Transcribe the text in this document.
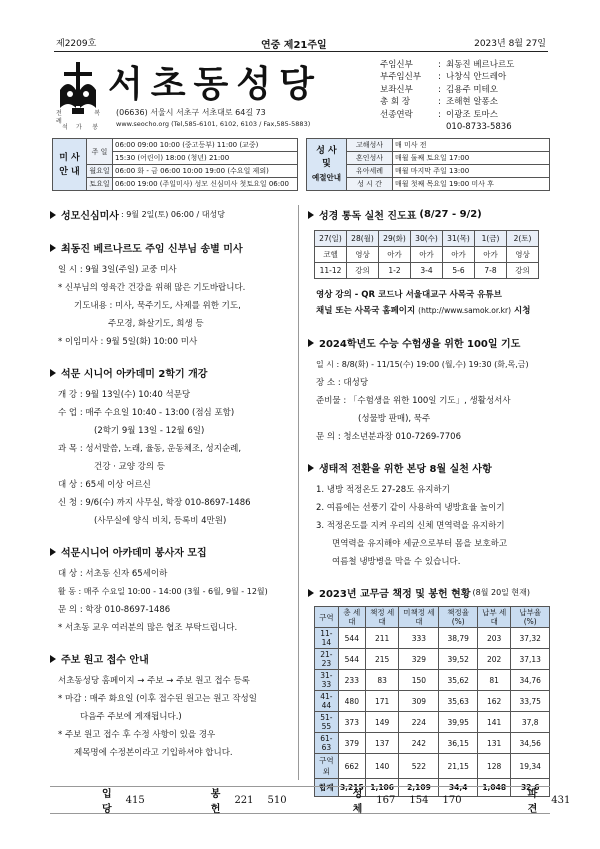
제2209호	연중 제21주일	2023년 8월 27일
전
례
석
복
봉
가
서초동성당
(06636) 서울시 서초구 서초대로 64길 73
www.seocho.org (Tel,585-6101, 6102, 6103 / Fax,585-5883)
주임신부	: 최동진 베르나르도
부주임신부	: 나창식 안드레아
보좌신부	: 김용주 미테오
총 회 장	: 조해현 알퐁소
선종연락	: 이광조 토마스
010-8733-5836
미 사
안 내	주 일	06:00 09:00 10:00 (중고등부) 11:00 (교중)
		15:30 (어린이) 18:00 (청년) 21:00
	월요일	06:00 화 - 금 06:00 10:00 19:00 (수요일 제외)
	토요일	06:00 19:00 (주일미사) 성모 신심미사 첫토요일 06:00
성 사
및
예절안내	고해성사	매 미사 전
	혼인성사	매월 둘째 토요일 17:00
	유아세례	매월 마지막 주일 13:00
	성 시 간	매월 첫째 목요일 19:00 미사 후
성모신심미사 : 9월 2일(토) 06:00 / 대성당
최동진 베르나르도 주임 신부님 송별 미사
일 시 : 9월 3일(주일) 교중 미사
* 신부님의 영육간 건강을 위해 많은 기도바랍니다.
기도내용 : 미사, 묵주기도, 사제를 위한 기도,
주모경, 화살기도, 희생 등
* 이임미사 : 9월 5일(화) 10:00 미사
석문 시니어 아카데미 2학기 개강
개 강 : 9월 13일(수) 10:40 석문당
수 업 : 매주 수요일 10:40 - 13:00 (점심 포함)
(2학기 9월 13일 - 12월 6일)
과 목 : 성서말씀, 노래, 율동, 운동체조, 성지순례,
건강 · 교양 강의 등
대 상 : 65세 이상 어르신
신 청 : 9/6(수) 까지 사무실, 학장 010-8697-1486
(사무실에 양식 비치, 등록비 4만원)
석문시니어 아카데미 봉사자 모집
대 상 : 서초동 신자 65세이하
활 동 : 매주 수요일 10:00 - 14:00 (3월 - 6월, 9월 - 12월)
문 의 : 학장 010-8697-1486
* 서초동 교우 여러분의 많은 협조 부탁드립니다.
주보 원고 접수 안내
서초동성당 홈페이지 → 주보 → 주보 원고 접수 등록
* 마감 : 매주 화요일 (이후 접수된 원고는 원고 작성일
다음주 주보에 게재됩니다.)
* 주보 원고 접수 후 수정 사항이 있을 경우
제목명에 수정본이라고 기입하셔야 합니다.
성경 통독 실천 진도표 (8/27 - 9/2)
27(일)	28(월)	29(화)	30(수)	31(목)	1(금)	2(토)
코헬	영상	아가	아가	아가	아가	영상
11-12	강의	1-2	3-4	5-6	7-8	강의
영상 강의 - QR 코드나 서울대교구 사목국 유튜브
채널 또는 사목국 홈페이지 (http://www.samok.or.kr) 시청
2024학년도 수능 수험생을 위한 100일 기도
일 시 : 8/8(화) - 11/15(수) 19:00 (월,수) 19:30 (화,목,금)
장 소 : 대성당
준비물 : 「수험생을 위한 100일 기도」, 생활성서사
(성물방 판매), 묵주
문 의 : 청소년분과장 010-7269-7706
생태적 전환을 위한 본당 8월 실천 사항
1. 냉방 적정온도 27-28도 유지하기
2. 여름에는 선풍기 같이 사용하여 냉방효율 높이기
3. 적정온도를 지켜 우리의 신체 면역력을 유지하기
면역력을 유지해야 세균으로부터 몸을 보호하고
여름철 냉방병을 막을 수 있습니다.
2023년 교무금 책정 및 봉헌 현황 (8월 20일 현재)
구역	총 세대	책정 세대	미책정 세대	책정율 (%)	납부 세대	납부율 (%)
11-14	544	211	333	38,79	203	37,32
21-23	544	215	329	39,52	202	37,13
31-33	233	83	150	35,62	81	34,76
41-44	480	171	309	35,63	162	33,75
51-55	373	149	224	39,95	141	37,8
61-63	379	137	242	36,15	131	34,56
구역외	662	140	522	21,15	128	19,34
합계	3,215	1,106	2,109	34,4	1,048	32,6
입당
415	봉헌
221 510	성체
167 154 170	파견
431
